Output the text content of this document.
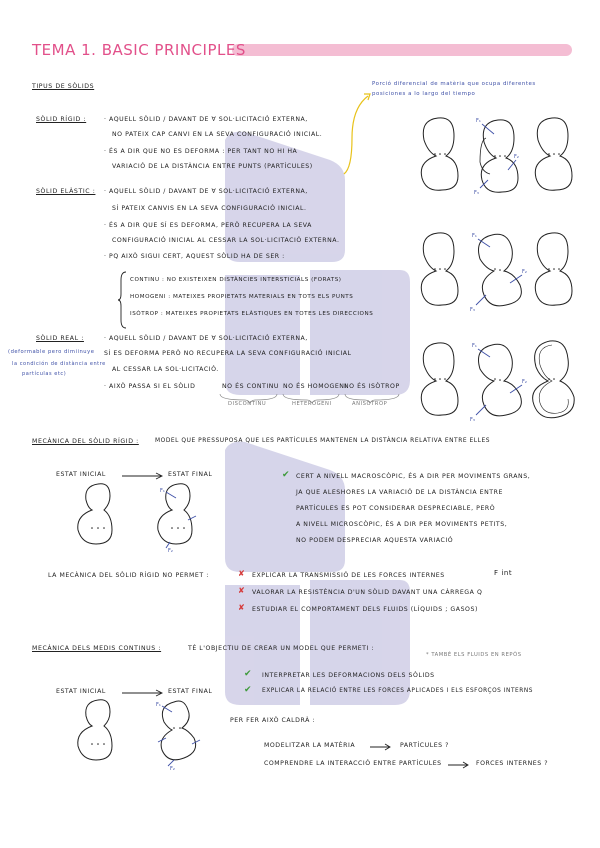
TEMA 1. BASIC PRINCIPLES
TIPUS DE SÒLIDS	Porció diferencial de matèria que ocupa diferentes
posiciones a lo largo del tiempo
SÒLID RÍGID :	· AQUELL SÒLID / DAVANT DE ∀ SOL·LICITACIÓ EXTERNA,
NO PATEIX CAP CANVI EN LA SEVA CONFIGURACIÓ INICIAL.
· ÉS A DIR QUE NO ES DEFORMA : PER TANT NO HI HA
VARIACIÓ DE LA DISTÀNCIA ENTRE PUNTS (PARTÍCULES)
SÒLID ELÀSTIC : · AQUELL SÒLID / DAVANT DE ∀ SOL·LICITACIÓ EXTERNA,
SÍ PATEIX CANVIS EN LA SEVA CONFIGURACIÓ INICIAL.
· ÉS A DIR QUE SÍ ES DEFORMA, PERÒ RECUPERA LA SEVA
CONFIGURACIÓ INICIAL AL CESSAR LA SOL·LICITACIÓ EXTERNA.
· PQ AIXÒ SIGUI CERT, AQUEST SÒLID HA DE SER :
CONTINU : NO EXISTEIXEN DISTÀNCIES INTERSTICIALS (FORATS)
HOMOGENI : MATEIXES PROPIETATS MATERIALS EN TOTS ELS PUNTS
ISÒTROP : MATEIXES PROPIETATS ELÀSTIQUES EN TOTES LES DIRECCIONS
SÒLID REAL :
(deformable pero dimiinuye
la condición de distància entre
partículas etc)
· AQUELL SÒLID / DAVANT DE ∀ SOL·LICITACIÓ EXTERNA,
SÍ ES DEFORMA PERÒ NO RECUPERA LA SEVA CONFIGURACIÓ INICIAL
AL CESSAR LA SOL·LICITACIÓ.
· AIXÒ PASSA SI EL SÒLID	NO ÉS CONTINU NO ÉS HOMOGENI
NO ÉS ISÒTROP
DISCONTINU	HETEROGENI	ANISÒTROP
F₁
F₃
F₂
F₁
F₃
F₂
F₁
F₃
F₂
MECÀNICA DEL SÒLID RÍGID :	MODEL QUE PRESSUPOSA QUE LES PARTÍCULES MANTENEN LA DISTÀNCIA RELATIVA ENTRE ELLES
ESTAT INICIAL	ESTAT FINAL
F₁
F₂
✔ CERT A NIVELL MACROSCÒPIC, ÉS A DIR PER MOVIMENTS GRANS,
JA QUE ALESHORES LA VARIACIÓ DE LA DISTÀNCIA ENTRE
PARTÍCULES ES POT CONSIDERAR DESPRECIABLE, PERÒ
A NIVELL MICROSCÒPIC, ÉS A DIR PER MOVIMENTS PETITS,
NO PODEM DESPRECIAR AQUESTA VARIACIÓ
LA MECÀNICA DEL SÒLID RÍGID NO PERMET :	✘ EXPLICAR LA TRANSMISSIÓ DE LES FORCES INTERNES
✘ VALORAR LA RESISTÈNCIA D'UN SÒLID DAVANT UNA CÀRREGA Q
✘ ESTUDIAR EL COMPORTAMENT DELS FLUIDS (LÍQUIDS ; GASOS)
F int
MECÀNICA DELS MEDIS CONTINUS :	TÉ L'OBJECTIU DE CREAR UN MODEL QUE PERMETI :
* TAMBÉ ELS FLUIDS EN REPÒS
✔ INTERPRETAR LES DEFORMACIONS DELS SÒLIDS
✔ EXPLICAR LA RELACIÓ ENTRE LES FORCES APLICADES I ELS ESFORÇOS INTERNS
ESTAT INICIAL	ESTAT FINAL
F₁
F₂
PER FER AIXÒ CALDRÀ :
MODELITZAR LA MATÈRIA	PARTÍCULES ?
COMPRENDRE LA INTERACCIÓ ENTRE PARTÍCULES	FORCES INTERNES ?
